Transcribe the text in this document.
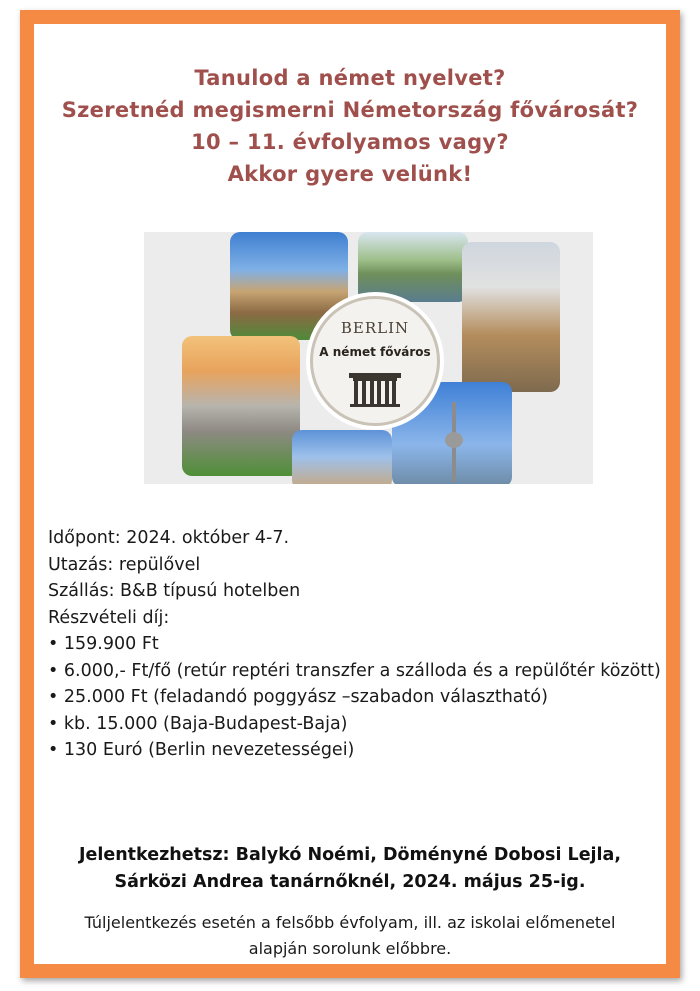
Tanulod a német nyelvet?
Szeretnéd megismerni Németország fővárosát?
10 – 11. évfolyamos vagy?
Akkor gyere velünk!
BERLIN
A német főváros
Időpont: 2024. október 4-7.
Utazás: repülővel
Szállás: B&B típusú hotelben
Részvételi díj:
• 159.900 Ft
• 6.000,- Ft/fő (retúr reptéri transzfer a szálloda és a repülőtér között)
• 25.000 Ft (feladandó poggyász –szabadon választható)
• kb. 15.000 (Baja-Budapest-Baja)
• 130 Euró (Berlin nevezetességei)
Jelentkezhetsz: Balykó Noémi, Döményné Dobosi Lejla,
Sárközi Andrea tanárnőknél, 2024. május 25-ig.
Túljelentkezés esetén a felsőbb évfolyam, ill. az iskolai előmenetel
alapján sorolunk előbbre.
